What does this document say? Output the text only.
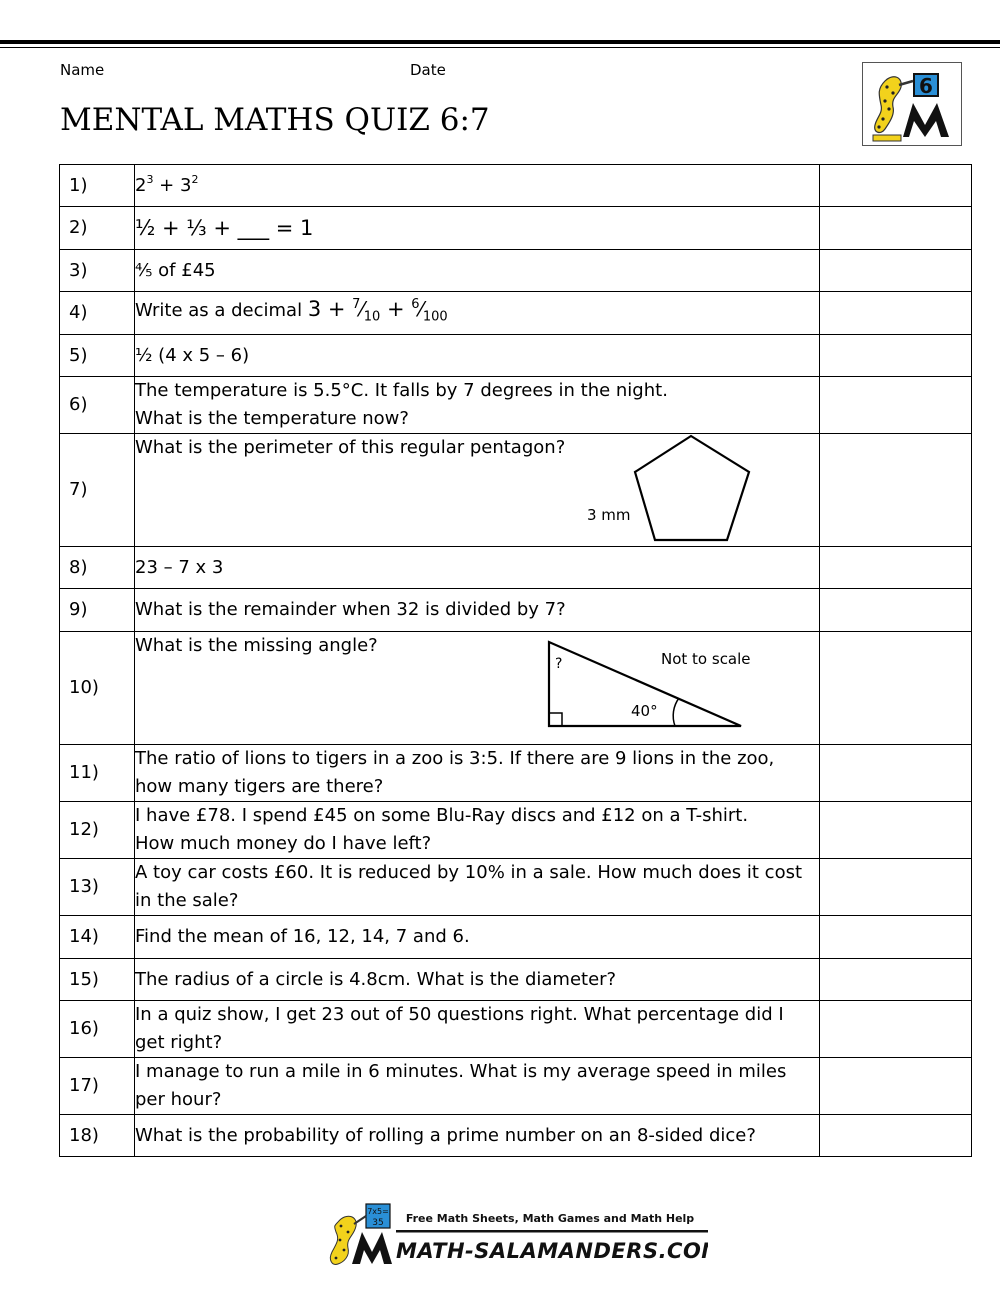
Name	Date
MENTAL MATHS QUIZ 6:7
6
1)	$2^3 + 3^2$	
2)	½ + ⅓ + ___ = 1	
3)	⅘ of £45	
4)	Write as a decimal $3 + ^7⁄_{10}$ + $^6⁄_{100}$	
5)	½ (4 x 5 – 6)	
6)	The temperature is 5.5°C. It falls by 7 degrees in the night.
What is the temperature now?	

7)	What is the perimeter of this regular pentagon?
3 mm	

8)	23 – 7 x 3	
9)	What is the remainder when 32 is divided by 7?	
10)	What is the missing angle?
?
40°
Not to scale	

11)	The ratio of lions to tigers in a zoo is 3:5. If there are 9 lions in the zoo,
how many tigers are there?	

12)	I have £78. I spend £45 on some Blu-Ray discs and £12 on a T-shirt.
How much money do I have left?	

13)	A toy car costs £60. It is reduced by 10% in a sale. How much does it cost
in the sale?	

14)	Find the mean of 16, 12, 14, 7 and 6.	
15)	The radius of a circle is 4.8cm. What is the diameter?	
16)	In a quiz show, I get 23 out of 50 questions right. What percentage did I
get right?	

17)	I manage to run a mile in 6 minutes. What is my average speed in miles
per hour?	

18)	What is the probability of rolling a prime number on an 8-sided dice?	
7x5=
35 Free Math Sheets, Math Games and Math Help
MATH-SALAMANDERS.COM
